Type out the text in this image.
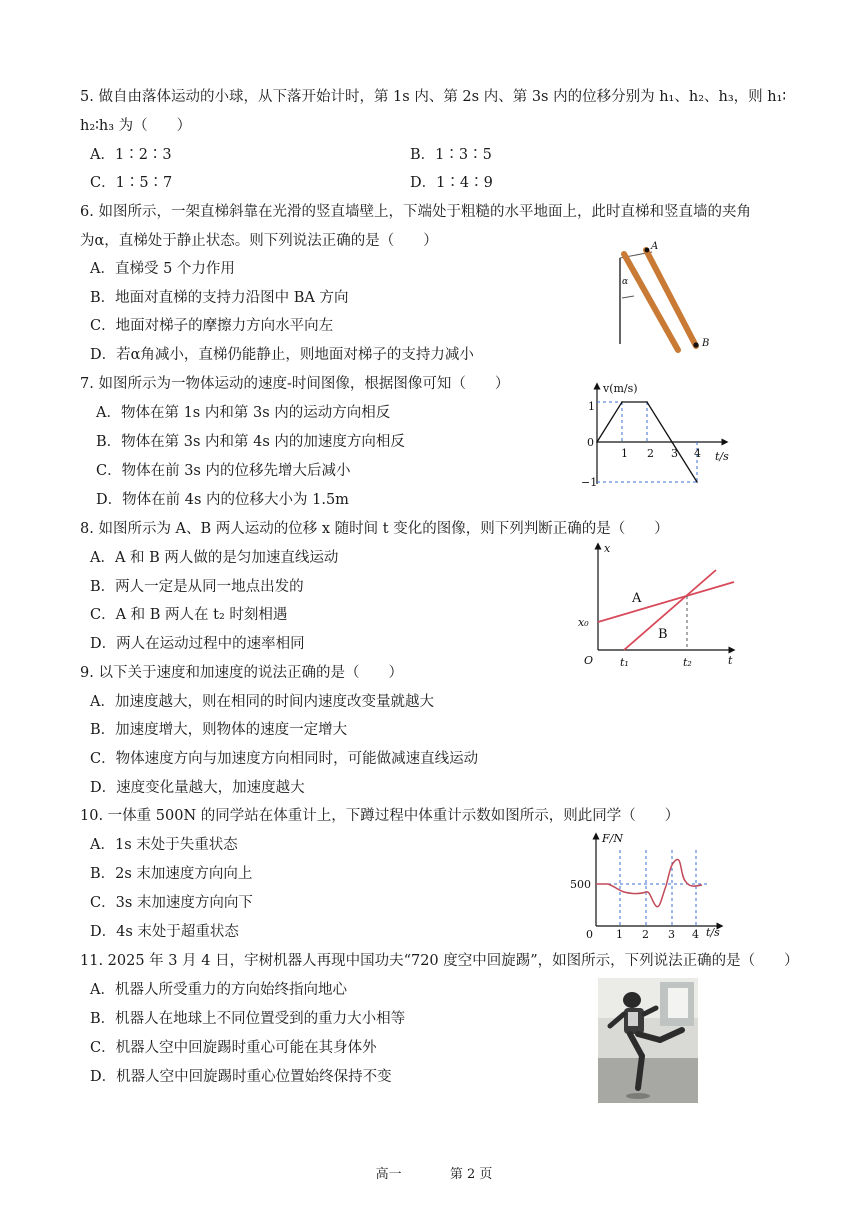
5. 做自由落体运动的小球，从下落开始计时，第 1s 内、第 2s 内、第 3s 内的位移分别为 h₁、h₂、h₃，则 h₁∶
h₂∶h₃ 为（　　）
A．1∶2∶3	B．1∶3∶5
C．1∶5∶7	D．1∶4∶9
6. 如图所示，一架直梯斜靠在光滑的竖直墙壁上，下端处于粗糙的水平地面上，此时直梯和竖直墙的夹角
为α，直梯处于静止状态。则下列说法正确的是（　　）
A．直梯受 5 个力作用
B．地面对直梯的支持力沿图中 BA 方向
C．地面对梯子的摩擦力方向水平向左
D．若α角减小，直梯仍能静止，则地面对梯子的支持力减小
A
B
α
7. 如图所示为一物体运动的速度-时间图像，根据图像可知（　　）
A．物体在第 1s 内和第 3s 内的运动方向相反
B．物体在第 3s 内和第 4s 内的加速度方向相反
C．物体在前 3s 内的位移先增大后减小
D．物体在前 4s 内的位移大小为 1.5m
v(m/s)
t/s
1
−1
0
1 2 3 4
8. 如图所示为 A、B 两人运动的位移 x 随时间 t 变化的图像，则下列判断正确的是（　　）
A．A 和 B 两人做的是匀加速直线运动
B．两人一定是从同一地点出发的
C．A 和 B 两人在 t₂ 时刻相遇
D．两人在运动过程中的速率相同
x
t
O
x₀
t₁	t₂
A
B
9. 以下关于速度和加速度的说法正确的是（　　）
A．加速度越大，则在相同的时间内速度改变量就越大
B．加速度增大，则物体的速度一定增大
C．物体速度方向与加速度方向相同时，可能做减速直线运动
D．速度变化量越大，加速度越大
10. 一体重 500N 的同学站在体重计上，下蹲过程中体重计示数如图所示，则此同学（　　）
A．1s 末处于失重状态
B．2s 末加速度方向向上
C．3s 末加速度方向向下
D．4s 末处于超重状态
F/N
t/s
500
0 1 2 3 4
11. 2025 年 3 月 4 日，宇树机器人再现中国功夫“720 度空中回旋踢”，如图所示，下列说法正确的是（　　）
A．机器人所受重力的方向始终指向地心
B．机器人在地球上不同位置受到的重力大小相等
C．机器人空中回旋踢时重心可能在其身体外
D．机器人空中回旋踢时重心位置始终保持不变
高一	第 2 页
